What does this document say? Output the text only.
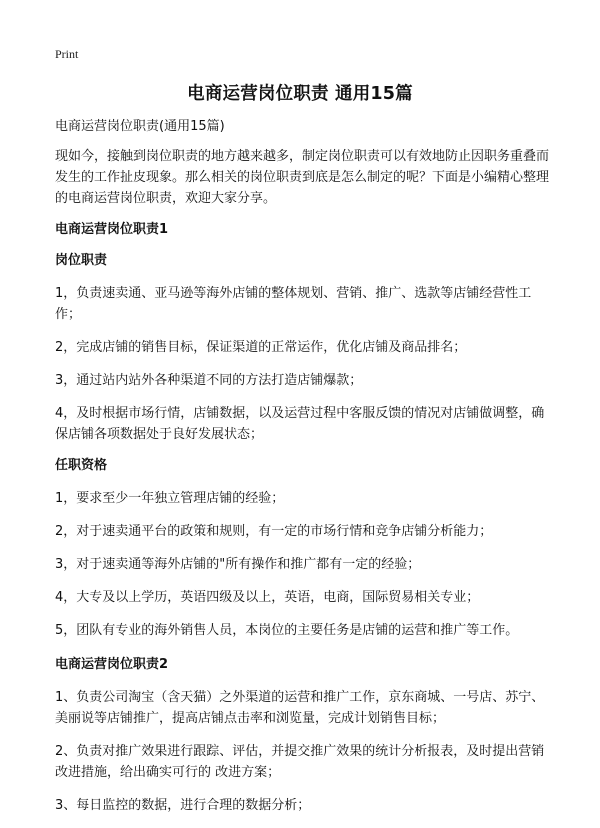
Print
电商运营岗位职责 通用15篇

电商运营岗位职责(通用15篇)

现如今，接触到岗位职责的地方越来越多，制定岗位职责可以有效地防止因职务重叠而发生的工作扯皮现象。那么相关的岗位职责到底是怎么制定的呢？下面是小编精心整理的电商运营岗位职责，欢迎大家分享。

电商运营岗位职责1

岗位职责

1，负责速卖通、亚马逊等海外店铺的整体规划、营销、推广、选款等店铺经营性工作；

2，完成店铺的销售目标，保证渠道的正常运作，优化店铺及商品排名；

3，通过站内站外各种渠道不同的方法打造店铺爆款；

4，及时根据市场行情，店铺数据，以及运营过程中客服反馈的情况对店铺做调整，确保店铺各项数据处于良好发展状态；

任职资格

1，要求至少一年独立管理店铺的经验；

2，对于速卖通平台的政策和规则，有一定的市场行情和竞争店铺分析能力；

3，对于速卖通等海外店铺的"所有操作和推广都有一定的经验；

4，大专及以上学历，英语四级及以上，英语，电商，国际贸易相关专业；

5，团队有专业的海外销售人员，本岗位的主要任务是店铺的运营和推广等工作。

电商运营岗位职责2

1、负责公司淘宝（含天猫）之外渠道的运营和推广工作，京东商城、一号店、苏宁、美丽说等店铺推广，提高店铺点击率和浏览量，完成计划销售目标；

2、负责对推广效果进行跟踪、评估，并提交推广效果的统计分析报表，及时提出营销改进措施，给出确实可行的 改进方案；

3、每日监控的数据，进行合理的数据分析；
